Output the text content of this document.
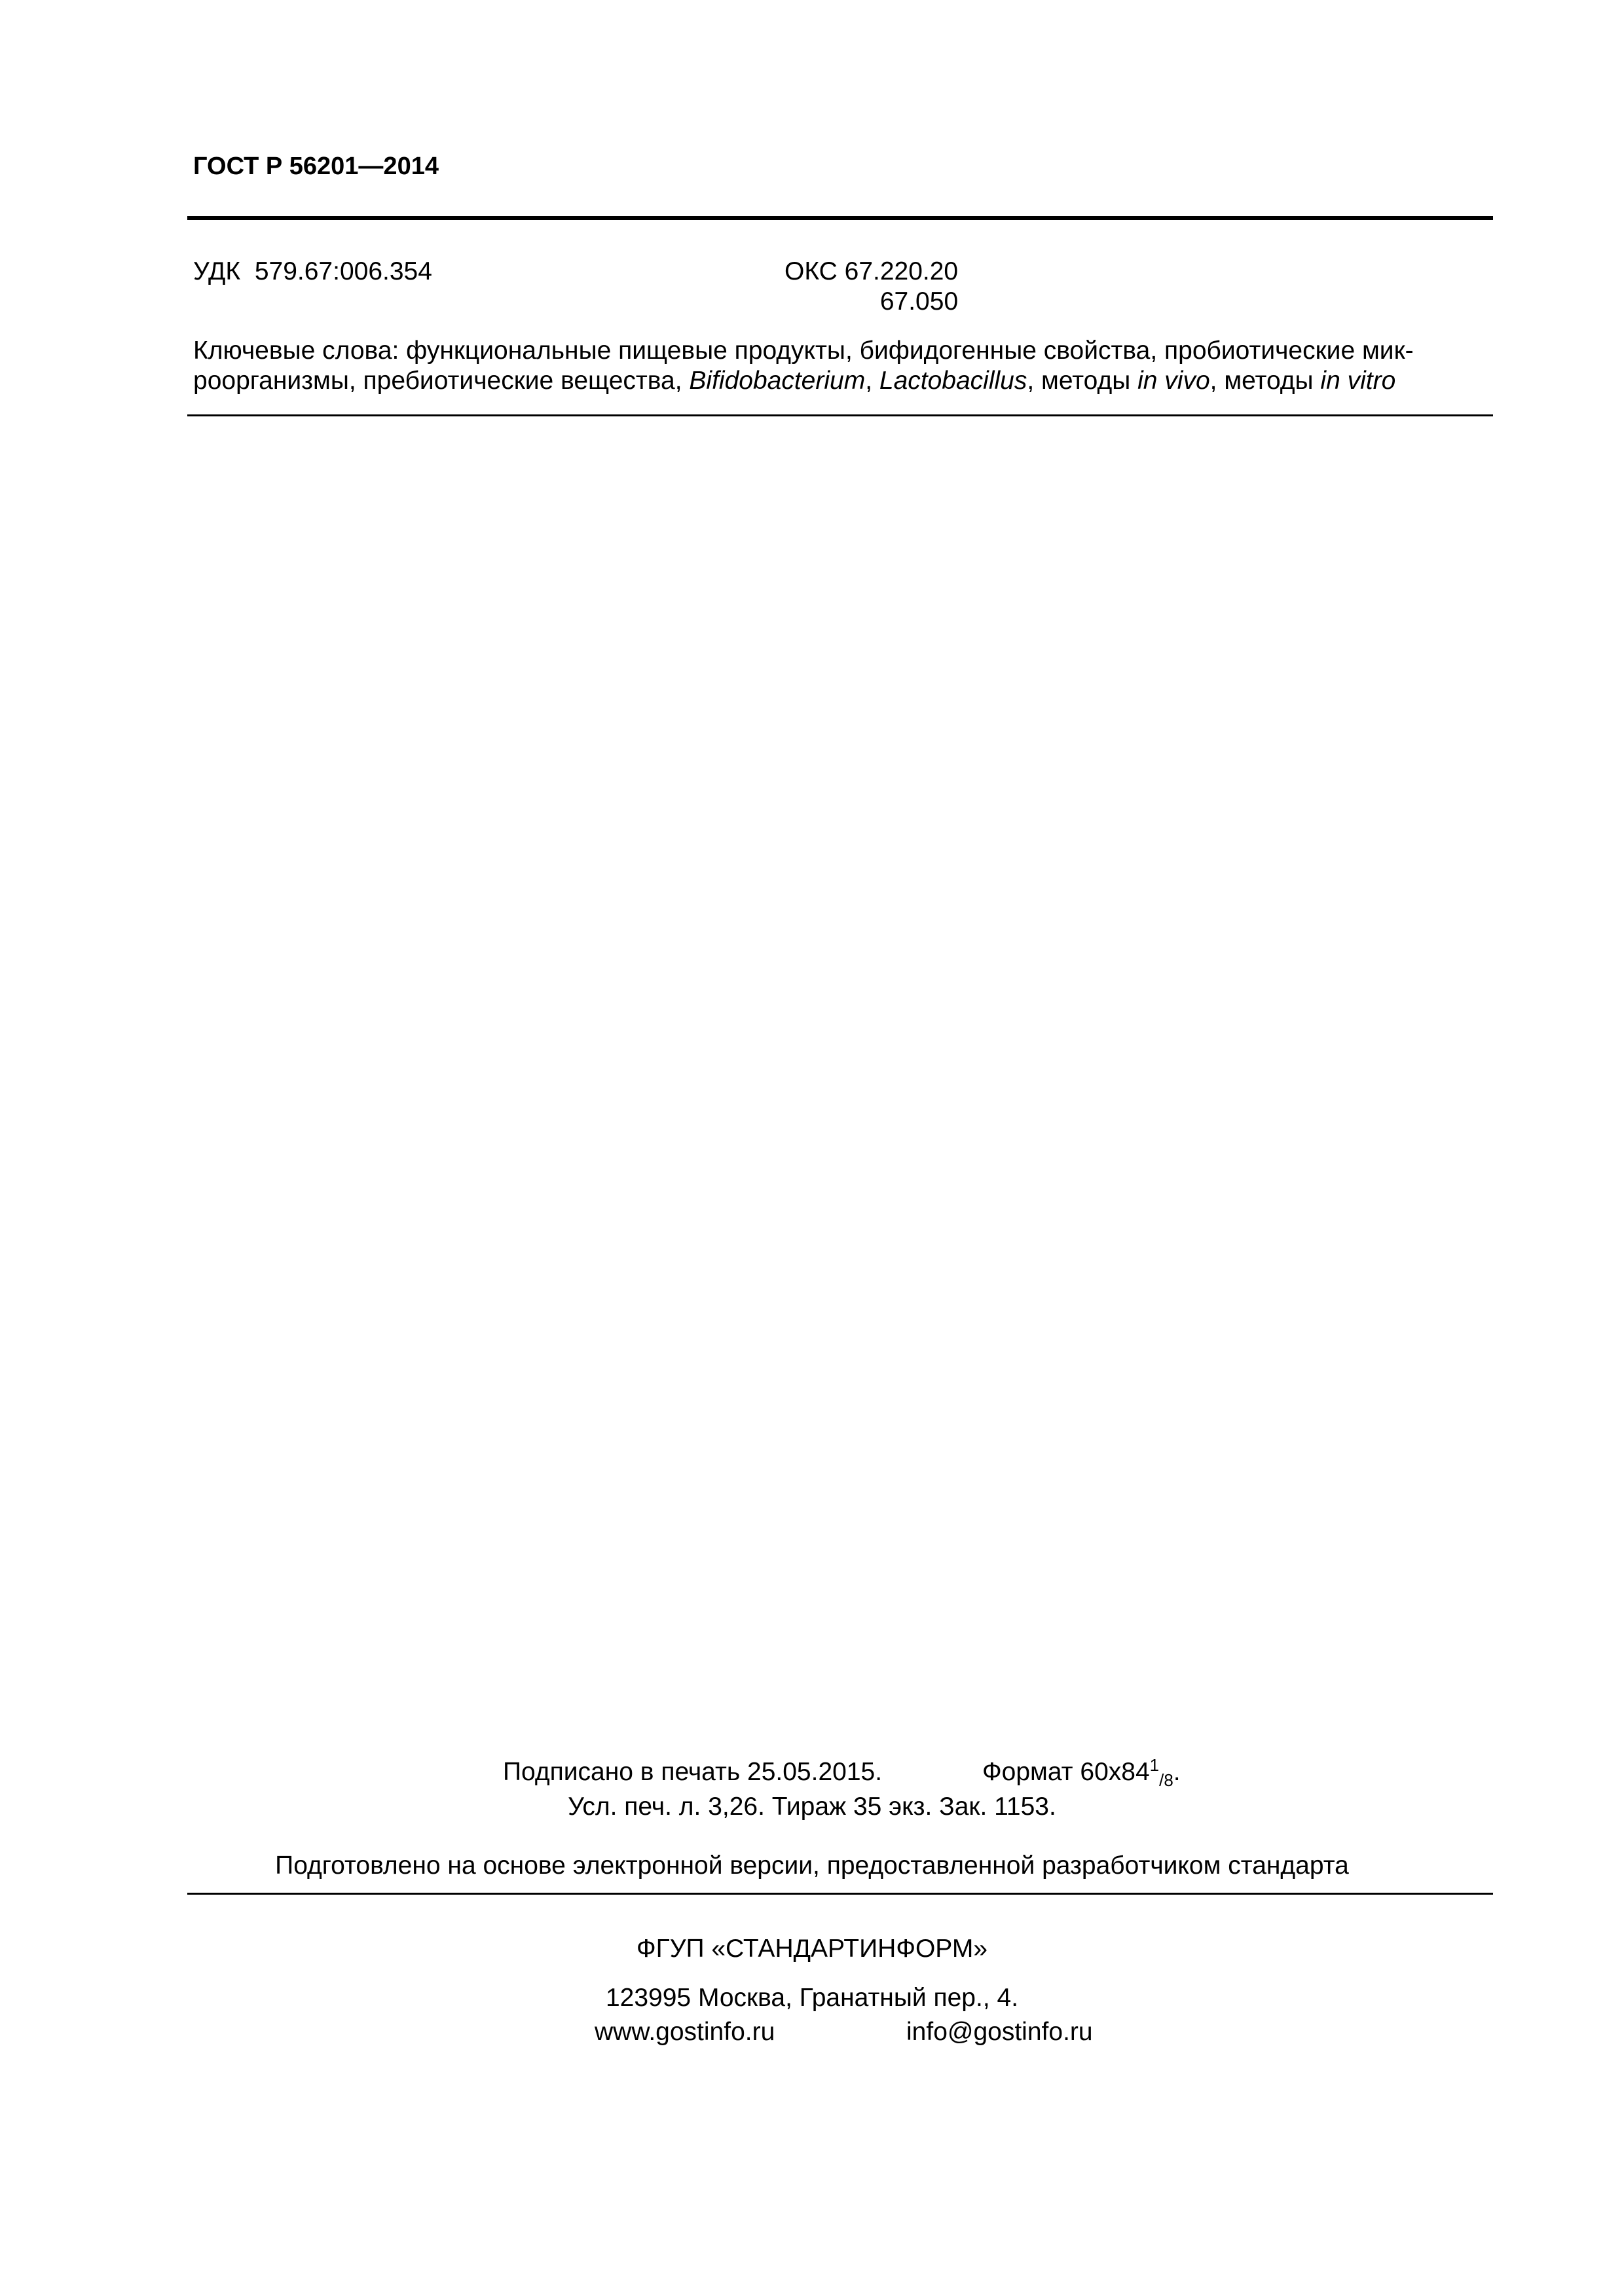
ГОСТ Р 56201—2014
УДК 579.67:006.354	ОКС 67.220.20
67.050
Ключевые слова: функциональные пищевые продукты, бифидогенные свойства, пробиотические мик-
роорганизмы, пребиотические вещества, Bifidobacterium, Lactobacillus, методы in vivo, методы in vitro
Подписано в печать 25.05.2015.	Формат $60х84^1_{/8}$.
Усл. печ. л. 3,26. Тираж 35 экз. Зак. 1153.
Подготовлено на основе электронной версии, предоставленной разработчиком стандарта
ФГУП «СТАНДАРТИНФОРМ»
123995 Москва, Гранатный пер., 4.
www.gostinfo.ru	info@gostinfo.ru
